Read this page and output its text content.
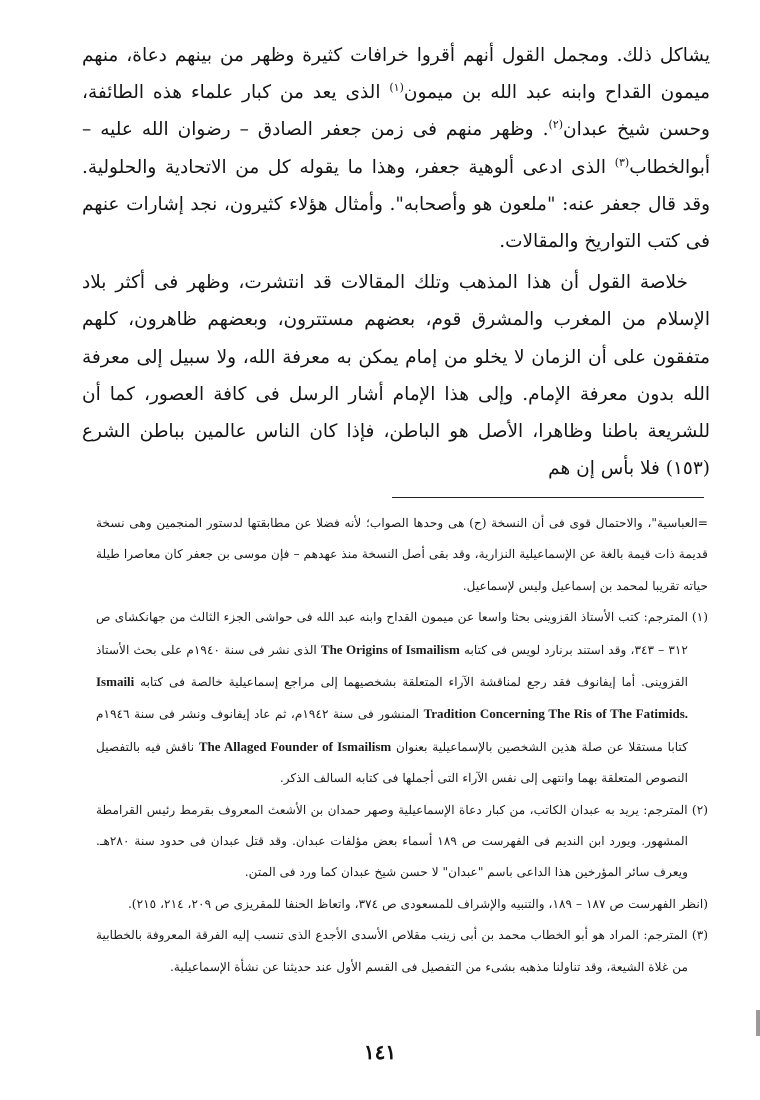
يشاكل ذلك. ومجمل القول أنهم أقروا خرافات كثيرة وظهر من بينهم دعاة، منهم ميمون القداح وابنه عبد الله بن ميمون$^{(١)}$ الذى يعد من كبار علماء هذه الطائفة، وحسن شيخ عبدان$^{(٢)}$. وظهر منهم فى زمن جعفر الصادق – رضوان الله عليه – أبوالخطاب$^{(٣)}$ الذى ادعى ألوهية جعفر، وهذا ما يقوله كل من الاتحادية والحلولية. وقد قال جعفر عنه: "ملعون هو وأصحابه". وأمثال هؤلاء كثيرون، نجد إشارات عنهم فى كتب التواريخ والمقالات.

خلاصة القول أن هذا المذهب وتلك المقالات قد انتشرت، وظهر فى أكثر بلاد الإسلام من المغرب والمشرق قوم، بعضهم مستترون، وبعضهم ظاهرون، كلهم متفقون على أن الزمان لا يخلو من إمام يمكن به معرفة الله، ولا سبيل إلى معرفة الله بدون معرفة الإمام. وإلى هذا الإمام أشار الرسل فى كافة العصور، كما أن للشريعة باطنا وظاهرا، الأصل هو الباطن، فإذا كان الناس عالمين بباطن الشرع (١٥٣) فلا بأس إن هم

=العباسية"، والاحتمال قوى فى أن النسخة (ح) هى وحدها الصواب؛ لأنه فضلا عن مطابقتها لدستور المنجمين وهى نسخة قديمة ذات قيمة بالغة عن الإسماعيلية النزارية، وقد بقى أصل النسخة منذ عهدهم – فإن موسى بن جعفر كان معاصرا طيلة حياته تقريبا لمحمد بن إسماعيل وليس لإسماعيل.

(١) المترجم: كتب الأستاذ القزوينى بحثا واسعا عن ميمون القداح وابنه عبد الله فى حواشى الجزء الثالث من جهانكشاى ص ٣١٢ – ٣٤٣، وقد استند برنارد لويس فى كتابه The Origins of Ismailism الذى نشر فى سنة ١٩٤٠م على بحث الأستاذ القزوينى. أما إيفانوف فقد رجع لمناقشة الآراء المتعلقة بشخصيهما إلى مراجع إسماعيلية خالصة فى كتابه Ismaili Tradition Concerning The Ris of The Fatimids. المنشور فى سنة ١٩٤٢م، ثم عاد إيفانوف ونشر فى سنة ١٩٤٦م كتابا مستقلا عن صلة هذين الشخصين بالإسماعيلية بعنوان The Allaged Founder of Ismailism ناقش فيه بالتفصيل النصوص المتعلقة بهما وانتهى إلى نفس الآراء التى أجملها فى كتابه السالف الذكر.

(٢) المترجم: يريد به عبدان الكاتب، من كبار دعاة الإسماعيلية وصهر حمدان بن الأشعث المعروف بقرمط رئيس القرامطة المشهور. ويورد ابن النديم فى الفهرست ص ١٨٩ أسماء بعض مؤلفات عبدان. وقد قتل عبدان فى حدود سنة ٢٨٠هـ. ويعرف سائر المؤرخين هذا الداعى باسم "عبدان" لا حسن شيخ عبدان كما ورد فى المتن.

(انظر الفهرست ص ١٨٧ – ١٨٩، والتنبيه والإشراف للمسعودى ص ٣٧٤، واتعاظ الحنفا للمقريزى ص ٢٠٩، ٢١٤، ٢١٥).

(٣) المترجم: المراد هو أبو الخطاب محمد بن أبى زينب مقلاص الأسدى الأجدع الذى تنسب إليه الفرقة المعروفة بالخطابية من غلاة الشيعة، وقد تناولنا مذهبه بشىء من التفصيل فى القسم الأول عند حديثنا عن نشأة الإسماعيلية.

١٤١
